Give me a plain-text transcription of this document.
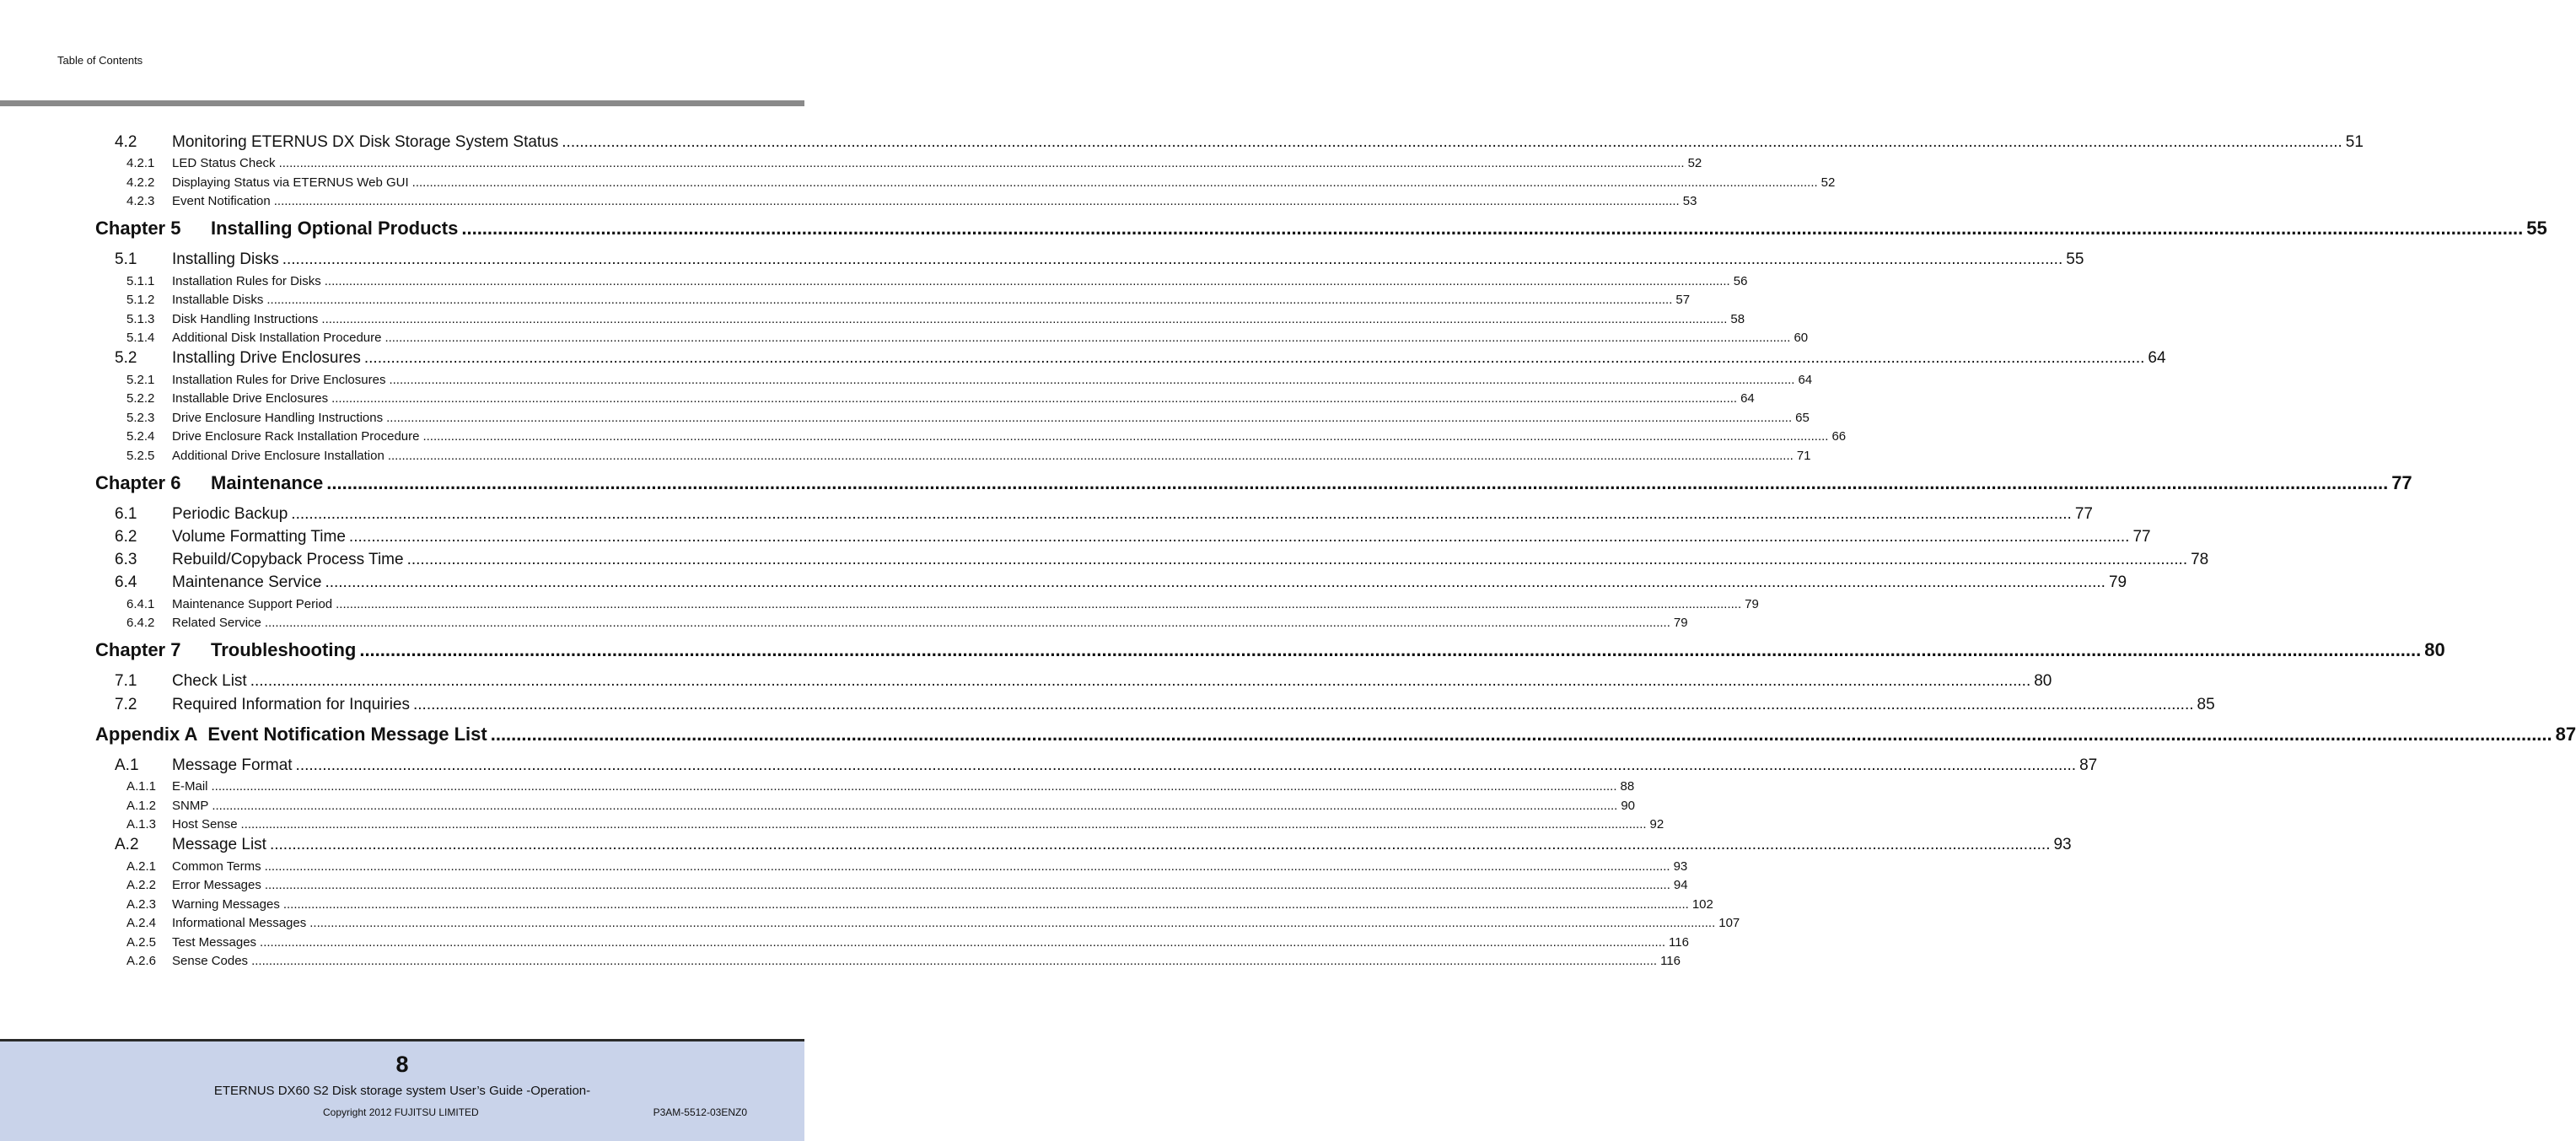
Table of Contents
4.2	Monitoring ETERNUS DX Disk Storage System Status ................................................................................................................................................................................................................................................................................................................................................................................................................ 51
4.2.1	LED Status Check ................................................................................................................................................................................................................................................................................................................................................................................................................ 52
4.2.2	Displaying Status via ETERNUS Web GUI ................................................................................................................................................................................................................................................................................................................................................................................................................ 52
4.2.3	Event Notification ................................................................................................................................................................................................................................................................................................................................................................................................................ 53
Chapter 5	Installing Optional Products ................................................................................................................................................................................................................................................................................................................................................................................................................ 55
5.1	Installing Disks ................................................................................................................................................................................................................................................................................................................................................................................................................ 55
5.1.1	Installation Rules for Disks ................................................................................................................................................................................................................................................................................................................................................................................................................ 56
5.1.2	Installable Disks ................................................................................................................................................................................................................................................................................................................................................................................................................ 57
5.1.3	Disk Handling Instructions ................................................................................................................................................................................................................................................................................................................................................................................................................ 58
5.1.4	Additional Disk Installation Procedure ................................................................................................................................................................................................................................................................................................................................................................................................................ 60
5.2	Installing Drive Enclosures ................................................................................................................................................................................................................................................................................................................................................................................................................ 64
5.2.1	Installation Rules for Drive Enclosures ................................................................................................................................................................................................................................................................................................................................................................................................................ 64
5.2.2	Installable Drive Enclosures ................................................................................................................................................................................................................................................................................................................................................................................................................ 64
5.2.3	Drive Enclosure Handling Instructions ................................................................................................................................................................................................................................................................................................................................................................................................................ 65
5.2.4	Drive Enclosure Rack Installation Procedure ................................................................................................................................................................................................................................................................................................................................................................................................................ 66
5.2.5	Additional Drive Enclosure Installation ................................................................................................................................................................................................................................................................................................................................................................................................................ 71
Chapter 6	Maintenance ................................................................................................................................................................................................................................................................................................................................................................................................................ 77
6.1	Periodic Backup ................................................................................................................................................................................................................................................................................................................................................................................................................ 77
6.2	Volume Formatting Time ................................................................................................................................................................................................................................................................................................................................................................................................................ 77
6.3	Rebuild/Copyback Process Time ................................................................................................................................................................................................................................................................................................................................................................................................................ 78
6.4	Maintenance Service ................................................................................................................................................................................................................................................................................................................................................................................................................ 79
6.4.1	Maintenance Support Period ................................................................................................................................................................................................................................................................................................................................................................................................................ 79
6.4.2	Related Service ................................................................................................................................................................................................................................................................................................................................................................................................................ 79
Chapter 7	Troubleshooting ................................................................................................................................................................................................................................................................................................................................................................................................................ 80
7.1	Check List ................................................................................................................................................................................................................................................................................................................................................................................................................ 80
7.2	Required Information for Inquiries ................................................................................................................................................................................................................................................................................................................................................................................................................ 85
Appendix A Event Notification Message List ................................................................................................................................................................................................................................................................................................................................................................................................................ 87
A.1	Message Format ................................................................................................................................................................................................................................................................................................................................................................................................................ 87
A.1.1	E-Mail ................................................................................................................................................................................................................................................................................................................................................................................................................ 88
A.1.2	SNMP ................................................................................................................................................................................................................................................................................................................................................................................................................ 90
A.1.3	Host Sense ................................................................................................................................................................................................................................................................................................................................................................................................................ 92
A.2	Message List ................................................................................................................................................................................................................................................................................................................................................................................................................ 93
A.2.1	Common Terms ................................................................................................................................................................................................................................................................................................................................................................................................................ 93
A.2.2	Error Messages ................................................................................................................................................................................................................................................................................................................................................................................................................ 94
A.2.3	Warning Messages ................................................................................................................................................................................................................................................................................................................................................................................................................ 102
A.2.4	Informational Messages ................................................................................................................................................................................................................................................................................................................................................................................................................ 107
A.2.5	Test Messages ................................................................................................................................................................................................................................................................................................................................................................................................................ 116
A.2.6	Sense Codes ................................................................................................................................................................................................................................................................................................................................................................................................................ 116
8
ETERNUS DX60 S2 Disk storage system User’s Guide -Operation-
Copyright 2012 FUJITSU LIMITED	P3AM-5512-03ENZ0
